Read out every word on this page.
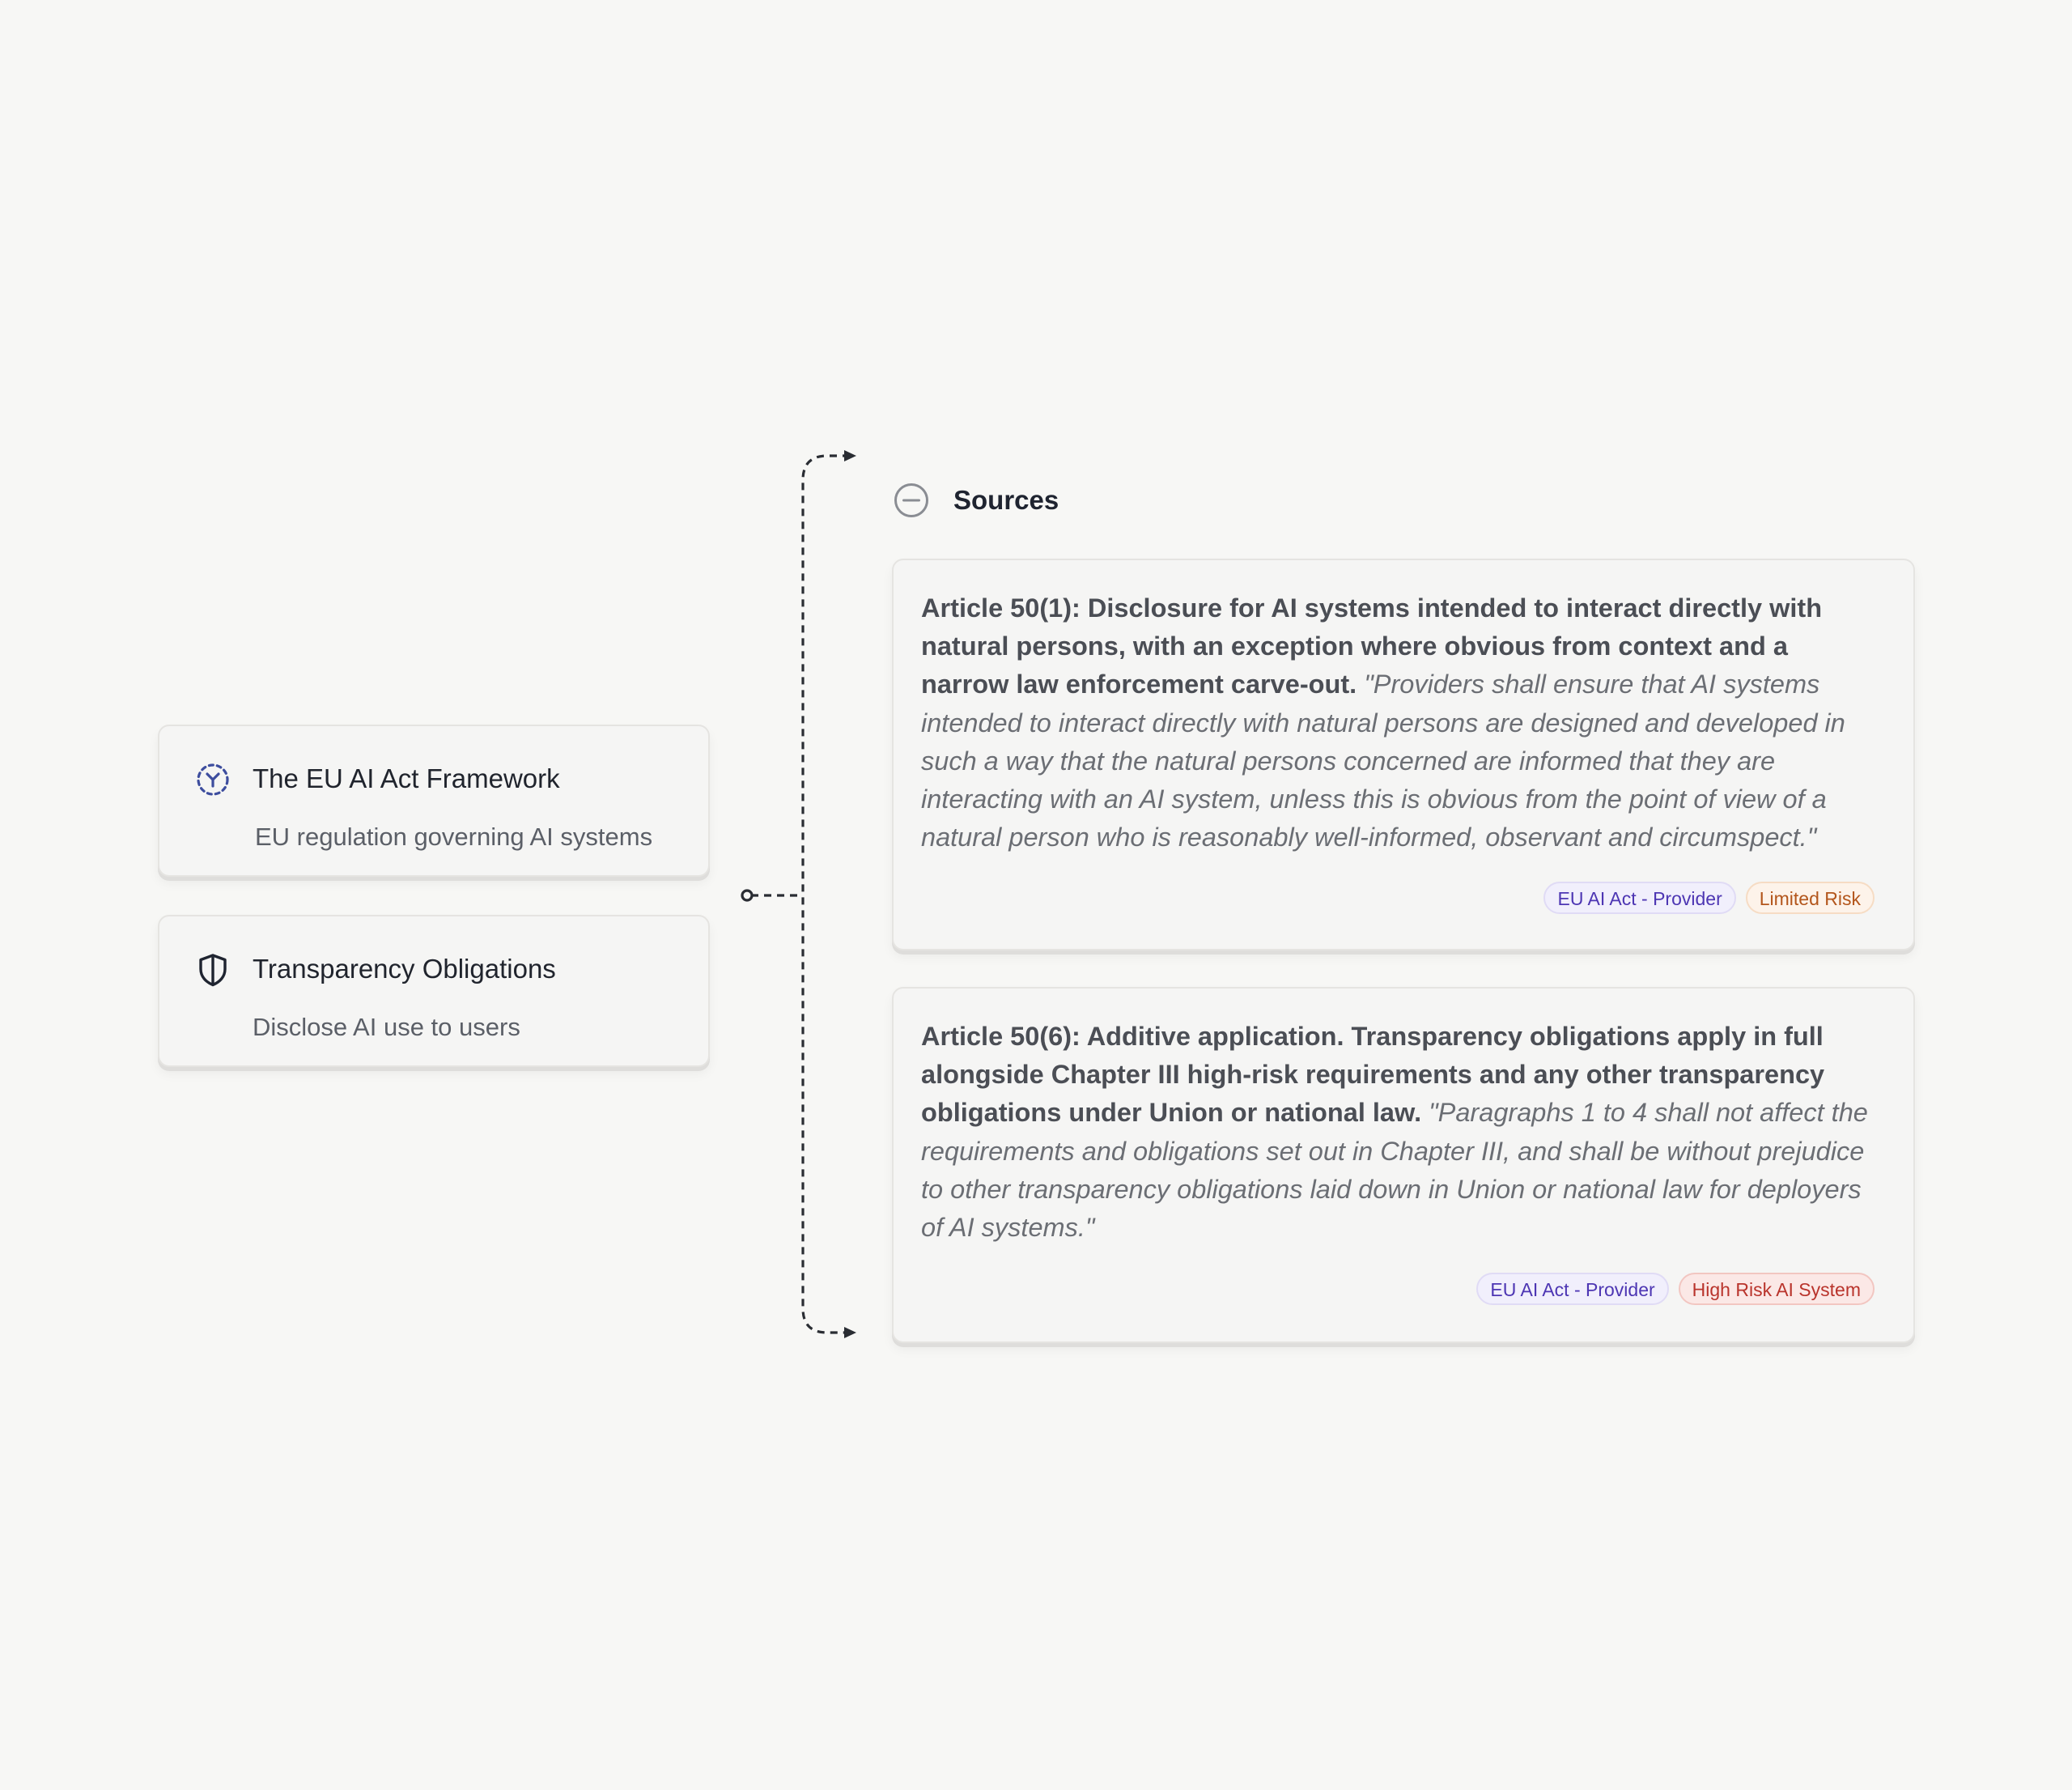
The EU AI Act Framework
EU regulation governing AI systems
Transparency Obligations
Disclose AI use to users
Sources

Article 50(1): Disclosure for AI systems intended to interact directly with natural persons, with an exception where obvious from context and a narrow law enforcement carve-out. "Providers shall ensure that AI systems intended to interact directly with natural persons are designed and developed in such a way that the natural persons concerned are informed that they are interacting with an AI system, unless this is obvious from the point of view of a natural person who is reasonably well-informed, observant and circumspect."

EU AI Act - Provider	Limited Risk

Article 50(6): Additive application. Transparency obligations apply in full alongside Chapter III high-risk requirements and any other transparency obligations under Union or national law. "Paragraphs 1 to 4 shall not affect the requirements and obligations set out in Chapter III, and shall be without prejudice to other transparency obligations laid down in Union or national law for deployers of AI systems."

EU AI Act - Provider	High Risk AI System
